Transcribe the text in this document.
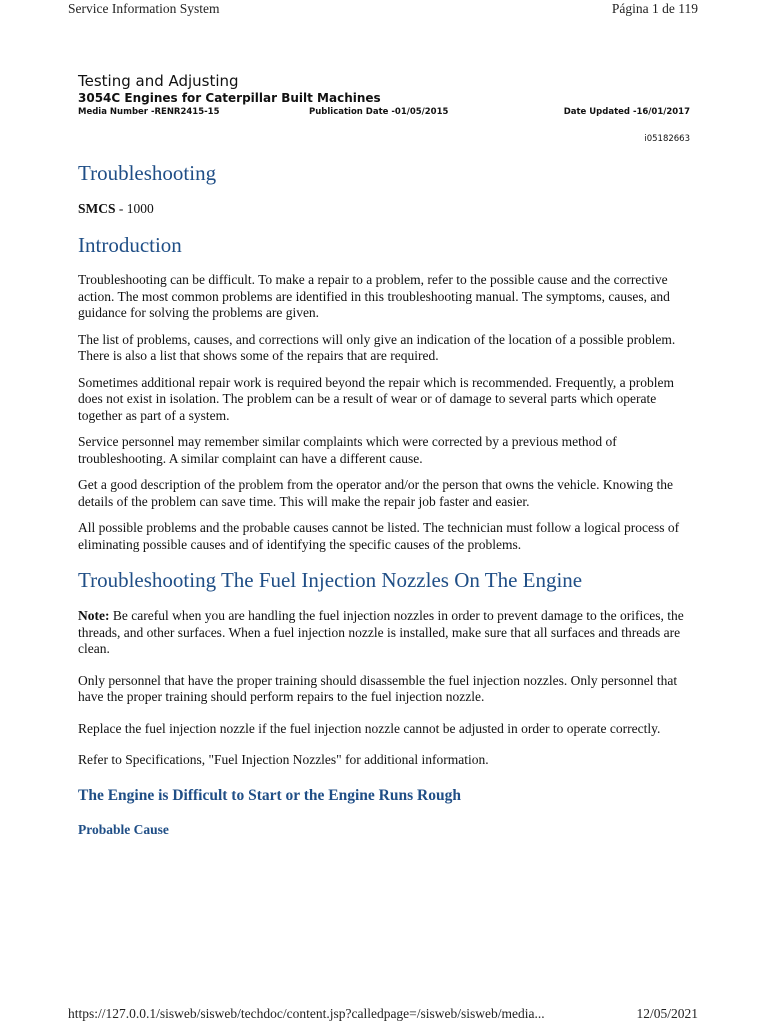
Service Information System	Página 1 de 119
Testing and Adjusting
3054C Engines for Caterpillar Built Machines
Media Number -RENR2415-15	Publication Date -01/05/2015	Date Updated -16/01/2017
i05182663
Troubleshooting
SMCS - 1000
Introduction

Troubleshooting can be difficult. To make a repair to a problem, refer to the possible cause and the corrective action. The most common problems are identified in this troubleshooting manual. The symptoms, causes, and guidance for solving the problems are given.

The list of problems, causes, and corrections will only give an indication of the location of a possible problem. There is also a list that shows some of the repairs that are required.

Sometimes additional repair work is required beyond the repair which is recommended. Frequently, a problem does not exist in isolation. The problem can be a result of wear or of damage to several parts which operate together as part of a system.

Service personnel may remember similar complaints which were corrected by a previous method of troubleshooting. A similar complaint can have a different cause.

Get a good description of the problem from the operator and/or the person that owns the vehicle. Knowing the details of the problem can save time. This will make the repair job faster and easier.

All possible problems and the probable causes cannot be listed. The technician must follow a logical process of eliminating possible causes and of identifying the specific causes of the problems.

Troubleshooting The Fuel Injection Nozzles On The Engine

Note: Be careful when you are handling the fuel injection nozzles in order to prevent damage to the orifices, the threads, and other surfaces. When a fuel injection nozzle is installed, make sure that all surfaces and threads are clean.

Only personnel that have the proper training should disassemble the fuel injection nozzles. Only personnel that have the proper training should perform repairs to the fuel injection nozzle.

Replace the fuel injection nozzle if the fuel injection nozzle cannot be adjusted in order to operate correctly.

Refer to Specifications, "Fuel Injection Nozzles" for additional information.

The Engine is Difficult to Start or the Engine Runs Rough
Probable Cause
https://127.0.0.1/sisweb/sisweb/techdoc/content.jsp?calledpage=/sisweb/sisweb/media...	12/05/2021
